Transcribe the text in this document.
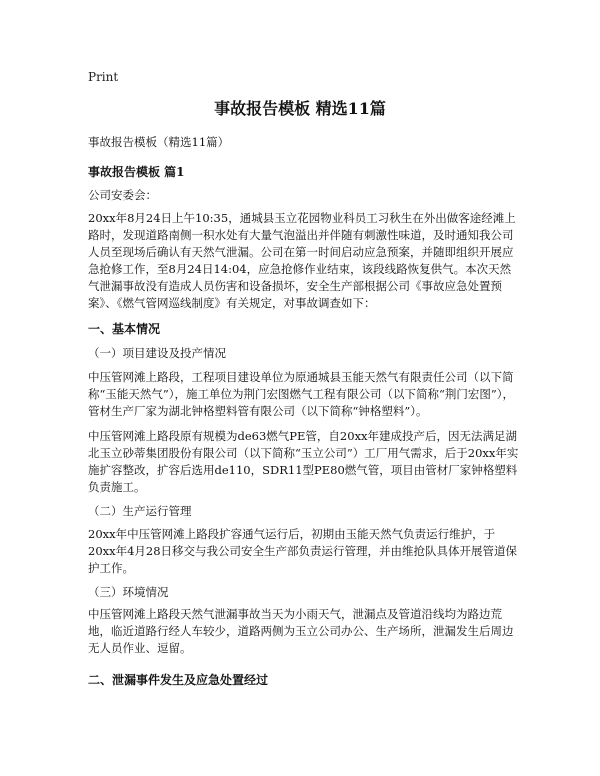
Print
事故报告模板 精选11篇
事故报告模板（精选11篇）
事故报告模板 篇1
公司安委会：

20xx年8月24日上午10:35，通城县玉立花园物业科员工习秋生在外出做客途经滩上路时，发现道路南侧一积水处有大量气泡溢出并伴随有刺激性味道，及时通知我公司人员至现场后确认有天然气泄漏。公司在第一时间启动应急预案，并随即组织开展应急抢修工作，至8月24日14:04，应急抢修作业结束，该段线路恢复供气。本次天然气泄漏事故没有造成人员伤害和设备损坏，安全生产部根据公司《事故应急处置预案》、《燃气管网巡线制度》有关规定，对事故调查如下：

一、基本情况
（一）项目建设及投产情况

中压管网滩上路段，工程项目建设单位为原通城县玉能天然气有限责任公司（以下简称“玉能天然气”），施工单位为荆门宏图燃气工程有限公司（以下简称“荆门宏图”），管材生产厂家为湖北钟格塑料管有限公司（以下简称“钟格塑料”）。

中压管网滩上路段原有规模为de63燃气PE管，自20xx年建成投产后，因无法满足湖北玉立砂蒂集团股份有限公司（以下简称“玉立公司”）工厂用气需求，后于20xx年实施扩容整改，扩容后选用de110，SDR11型PE80燃气管，项目由管材厂家钟格塑料负责施工。

（二）生产运行管理

20xx年中压管网滩上路段扩容通气运行后，初期由玉能天然气负责运行维护，于20xx年4月28日移交与我公司安全生产部负责运行管理，并由维抢队具体开展管道保护工作。

（三）环境情况

中压管网滩上路段天然气泄漏事故当天为小雨天气，泄漏点及管道沿线均为路边荒地，临近道路行经人车较少，道路两侧为玉立公司办公、生产场所，泄漏发生后周边无人员作业、逗留。

二、泄漏事件发生及应急处置经过
